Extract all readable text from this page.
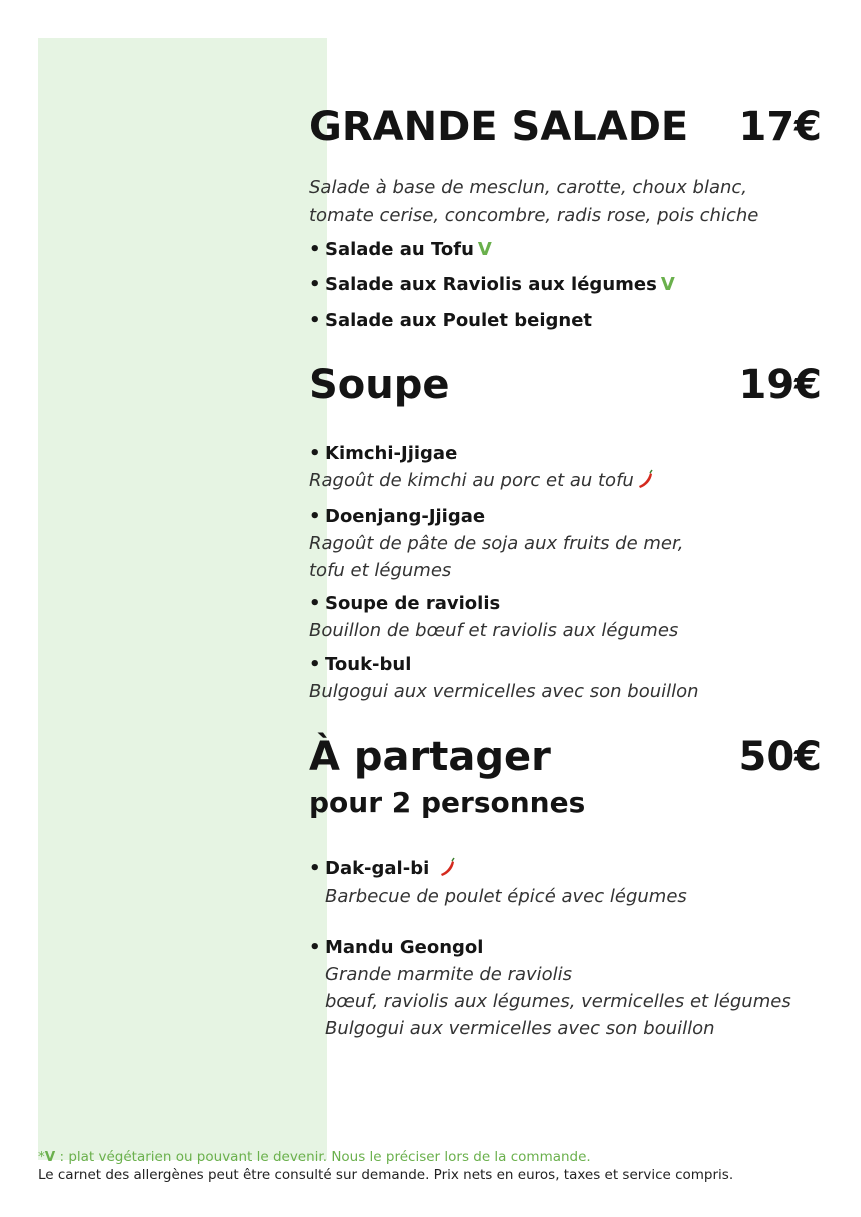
GRANDE SALADE 17€
Salade à base de mesclun, carotte, choux blanc,
tomate cerise, concombre, radis rose, pois chiche
• Salade au Tofu V
• Salade aux Raviolis aux légumes V
• Salade aux Poulet beignet
Soupe	19€
• Kimchi-Jjigae
Ragoût de kimchi au porc et au tofu
• Doenjang-Jjigae
Ragoût de pâte de soja aux fruits de mer,
tofu et légumes
• Soupe de raviolis
Bouillon de bœuf et raviolis aux légumes
• Touk-bul
Bulgogui aux vermicelles avec son bouillon
À partager	50€
pour 2 personnes
• Dak-gal-bi
Barbecue de poulet épicé avec légumes
• Mandu Geongol
Grande marmite de raviolis
bœuf, raviolis aux légumes, vermicelles et légumes
Bulgogui aux vermicelles avec son bouillon
*V : plat végétarien ou pouvant le devenir. Nous le préciser lors de la commande.
Le carnet des allergènes peut être consulté sur demande. Prix nets en euros, taxes et service compris.
